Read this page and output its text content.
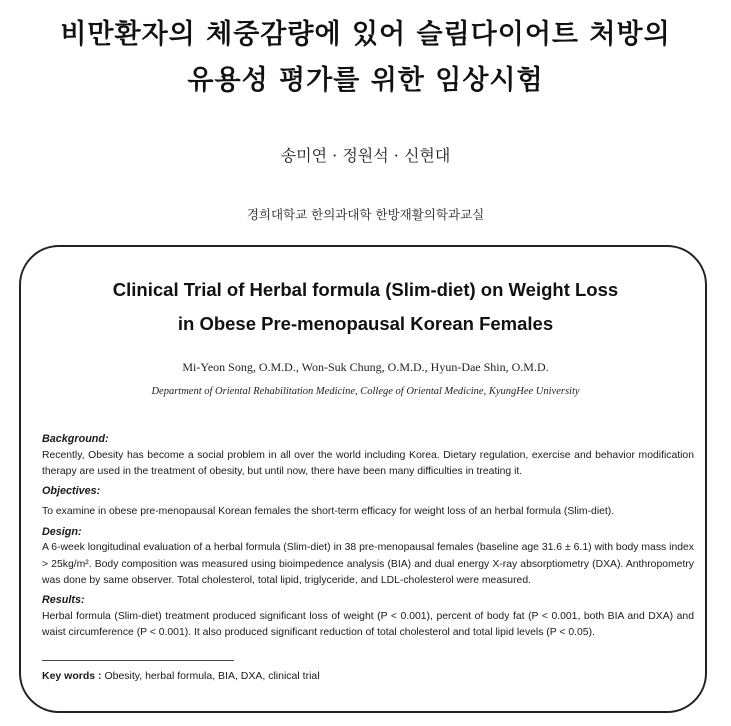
비만환자의 체중감량에 있어 슬림다이어트 처방의
유용성 평가를 위한 임상시험
송미연 · 정원석 · 신현대
경희대학교 한의과대학 한방재활의학과교실
Clinical Trial of Herbal formula (Slim-diet) on Weight Loss
in Obese Pre-menopausal Korean Females
Mi-Yeon Song, O.M.D., Won-Suk Chung, O.M.D., Hyun-Dae Shin, O.M.D.
Department of Oriental Rehabilitation Medicine, College of Oriental Medicine, KyungHee University

Background:

Recently, Obesity has become a social problem in all over the world including Korea. Dietary regulation, exercise and behavior modification therapy are used in the treatment of obesity, but until now, there have been many difficulties in treating it.

Objectives:

To examine in obese pre-menopausal Korean females the short-term efficacy for weight loss of an herbal formula (Slim-diet).

Design:

A 6-week longitudinal evaluation of a herbal formula (Slim-diet) in 38 pre-menopausal females (baseline age 31.6 ± 6.1) with body mass index > 25kg/m². Body composition was measured using bioimpedence analysis (BIA) and dual energy X-ray absorptiometry (DXA). Anthropometry was done by same observer. Total cholesterol, total lipid, triglyceride, and LDL-cholesterol were measured.

Results:

Herbal formula (Slim-diet) treatment produced significant loss of weight (P < 0.001), percent of body fat (P < 0.001, both BIA and DXA) and waist circumference (P < 0.001). It also produced significant reduction of total cholesterol and total lipid levels (P < 0.05).

Key words : Obesity, herbal formula, BIA, DXA, clinical trial
